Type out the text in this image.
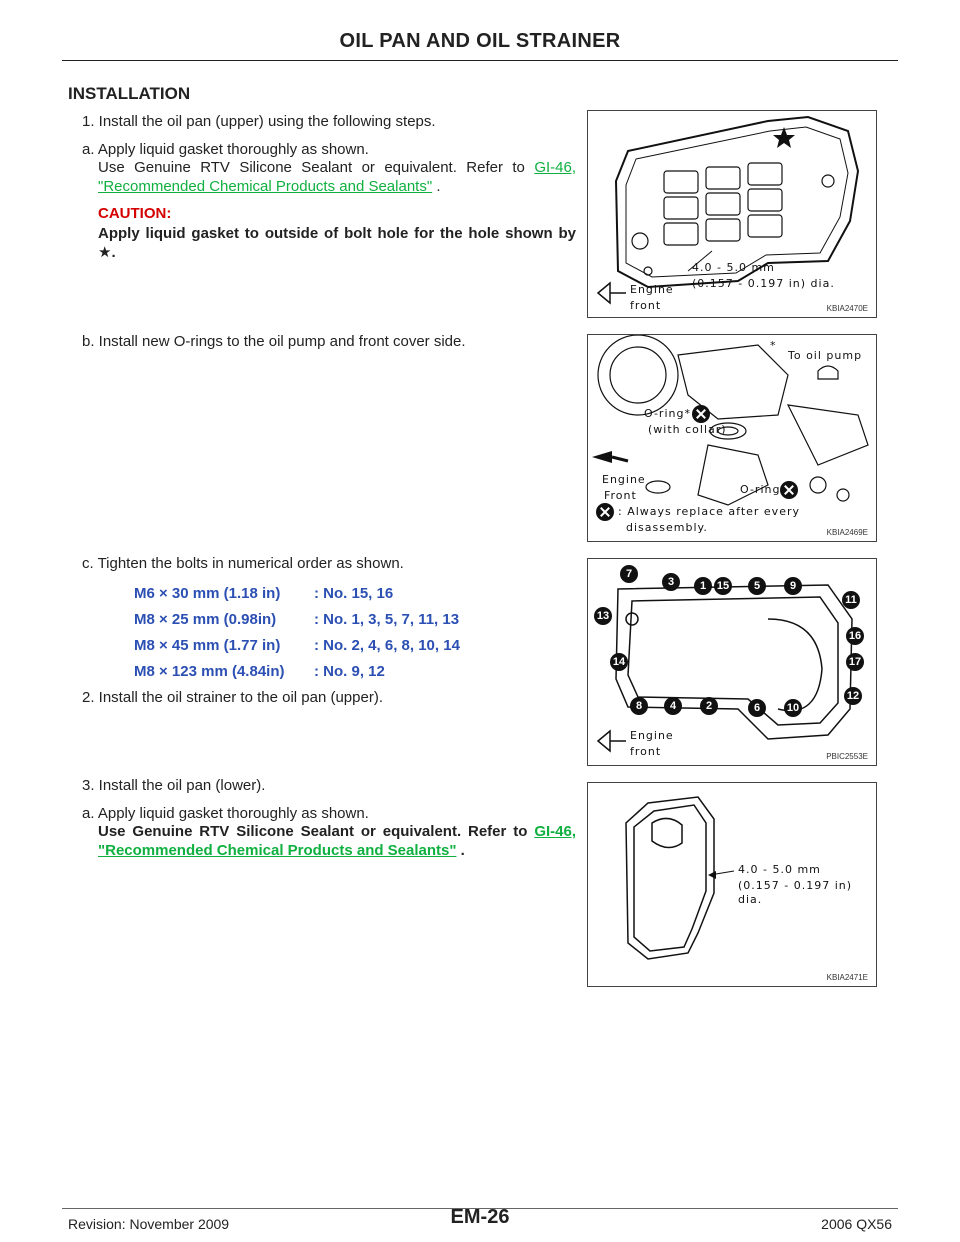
OIL PAN AND OIL STRAINER
INSTALLATION
1. Install the oil pan (upper) using the following steps.
a. Apply liquid gasket thoroughly as shown.
Use Genuine RTV Silicone Sealant or equivalent. Refer to GI-46, "Recommended Chemical Products and Sealants" .
CAUTION:
Apply liquid gasket to outside of bolt hole for the hole shown by ★.
b. Install new O-rings to the oil pump and front cover side.
c. Tighten the bolts in numerical order as shown.
M6 × 30 mm (1.18 in) : No. 15, 16
M8 × 25 mm (0.98in)	: No. 1, 3, 5, 7, 11, 13
M8 × 45 mm (1.77 in) : No. 2, 4, 6, 8, 10, 14
M8 × 123 mm (4.84in) : No. 9, 12
2. Install the oil strainer to the oil pan (upper).
3. Install the oil pan (lower).
a. Apply liquid gasket thoroughly as shown.
Use Genuine RTV Silicone Sealant or equivalent. Refer to GI-46, "Recommended Chemical Products and Sealants" .
4.0 - 5.0 mm
(0.157 - 0.197 in) dia.
Engine
front	KBIA2470E
*
To oil pump
O-ring*
(with collar)
Engine
Front	O-ring
: Always replace after every
disassembly.	KBIA2469E
7
3	1 15	5	9
11
13
16
17
14
12
8	4	2	6	10
Engine
front	PBIC2553E
4.0 - 5.0 mm
(0.157 - 0.197 in) dia.
KBIA2471E
Revision: November 2009	EM-26	2006 QX56
